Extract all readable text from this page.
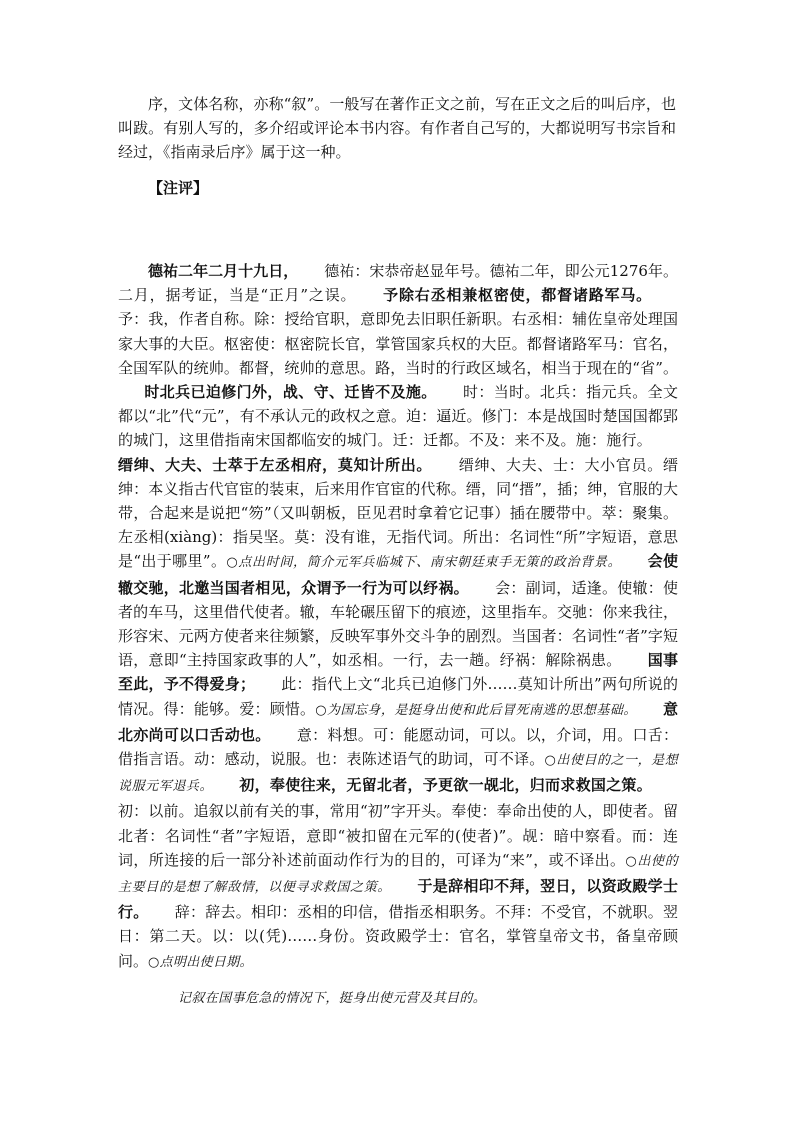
序，文体名称，亦称“叙”。一般写在著作正文之前，写在正文之后的叫后序，也叫跋。有别人写的，多介绍或评论本书内容。有作者自己写的，大都说明写书宗旨和经过，《指南录后序》属于这一种。

【注评】

德祐二年二月十九日， 德祐：宋恭帝赵显年号。德祐二年，即公元1276年。二月，据考证，当是“正月”之误。 予除右丞相兼枢密使，都督诸路军马。予：我，作者自称。除：授给官职，意即免去旧职任新职。右丞相：辅佐皇帝处理国家大事的大臣。枢密使：枢密院长官，掌管国家兵权的大臣。都督诸路军马：官名，全国军队的统帅。都督，统帅的意思。路，当时的行政区域名，相当于现在的“省”。时北兵已迫修门外，战、守、迁皆不及施。 时：当时。北兵：指元兵。全文都以“北”代“元”，有不承认元的政权之意。迫：逼近。修门：本是战国时楚国国都郢的城门，这里借指南宋国都临安的城门。迁：迁都。不及：来不及。施：施行。缙绅、大夫、士萃于左丞相府，莫知计所出。 缙绅、大夫、士：大小官员。缙绅：本义指古代官宦的装束，后来用作官宦的代称。缙，同“搢”，插；绅，官服的大带，合起来是说把“笏”（又叫朝板，臣见君时拿着它记事）插在腰带中。萃：聚集。左丞相(xiàng)：指吴坚。莫：没有谁，无指代词。所出：名词性“所”字短语，意思是“出于哪里”。○点出时间，简介元军兵临城下、南宋朝廷束手无策的政治背景。 会使辙交驰，北邀当国者相见，众谓予一行为可以纾祸。 会：副词，适逢。使辙：使者的车马，这里借代使者。辙，车轮碾压留下的痕迹，这里指车。交驰：你来我往，形容宋、元两方使者来往频繁，反映军事外交斗争的剧烈。当国者：名词性“者”字短语，意即“主持国家政事的人”，如丞相。一行，去一趟。纾祸：解除祸患。 国事至此，予不得爱身； 此：指代上文“北兵已迫修门外……莫知计所出”两句所说的情况。得：能够。爱：顾惜。○为国忘身，是挺身出使和此后冒死南逃的思想基础。 意北亦尚可以口舌动也。 意：料想。可：能愿动词，可以。以，介词，用。口舌：借指言语。动：感动，说服。也：表陈述语气的助词，可不译。○出使目的之一，是想说服元军退兵。 初，奉使往来，无留北者，予更欲一觇北，归而求救国之策。初：以前。追叙以前有关的事，常用“初”字开头。奉使：奉命出使的人，即使者。留北者：名词性“者”字短语，意即“被扣留在元军的(使者)”。觇：暗中察看。而：连词，所连接的后一部分补述前面动作行为的目的，可译为“来”，或不译出。○出使的主要目的是想了解敌情，以便寻求救国之策。 于是辞相印不拜，翌日，以资政殿学士行。 辞：辞去。相印：丞相的印信，借指丞相职务。不拜：不受官，不就职。翌日：第二天。以：以(凭)……身份。资政殿学士：官名，掌管皇帝文书，备皇帝顾问。○点明出使日期。

记叙在国事危急的情况下，挺身出使元营及其目的。
